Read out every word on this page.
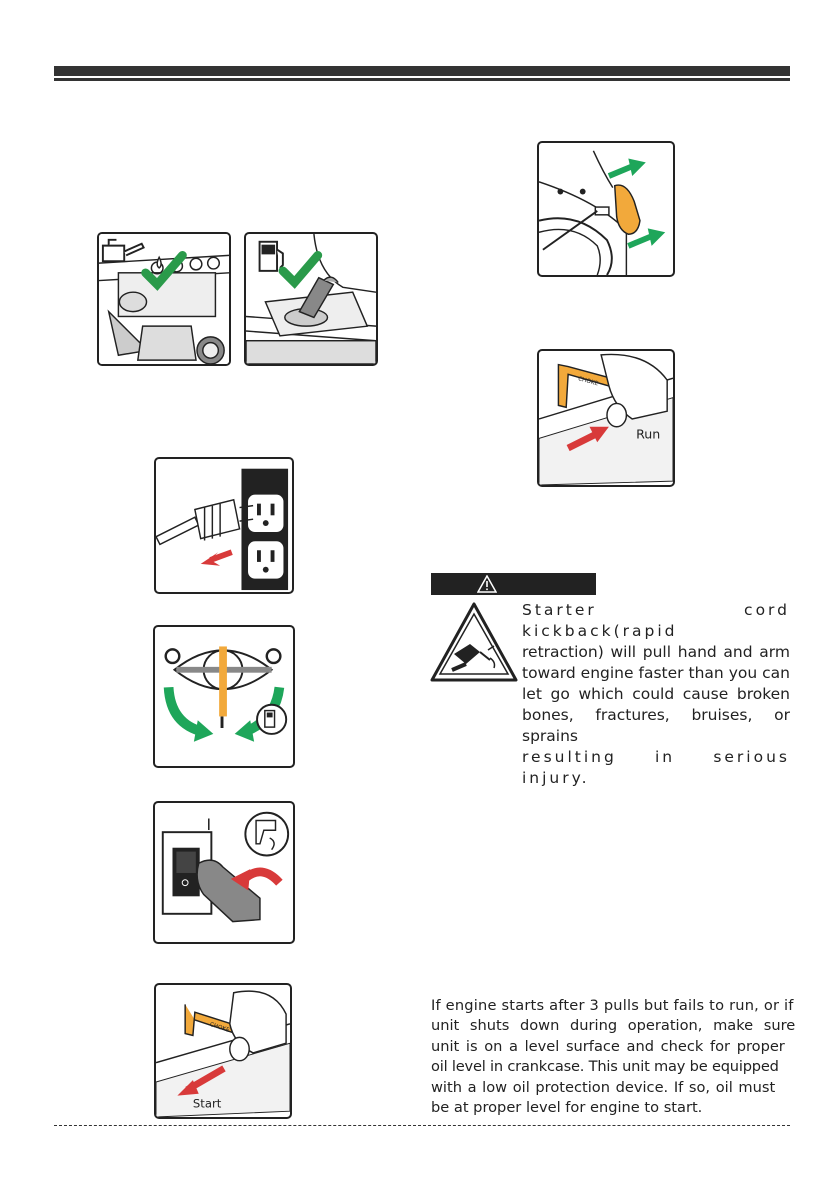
I
I
CHOKE
Start
CHOKE
Run
Starter cord kickback(rapid
retraction) will pull hand and arm
toward engine faster than you can
let go which could cause broken
bones, fractures, bruises, or sprains
resulting in serious injury.
If engine starts after 3 pulls but fails to run, or if
unit shuts down during operation, make sure
unit is on a level surface and check for proper
oil level in crankcase. This unit may be equipped
with a low oil protection device. If so, oil must
be at proper level for engine to start.
